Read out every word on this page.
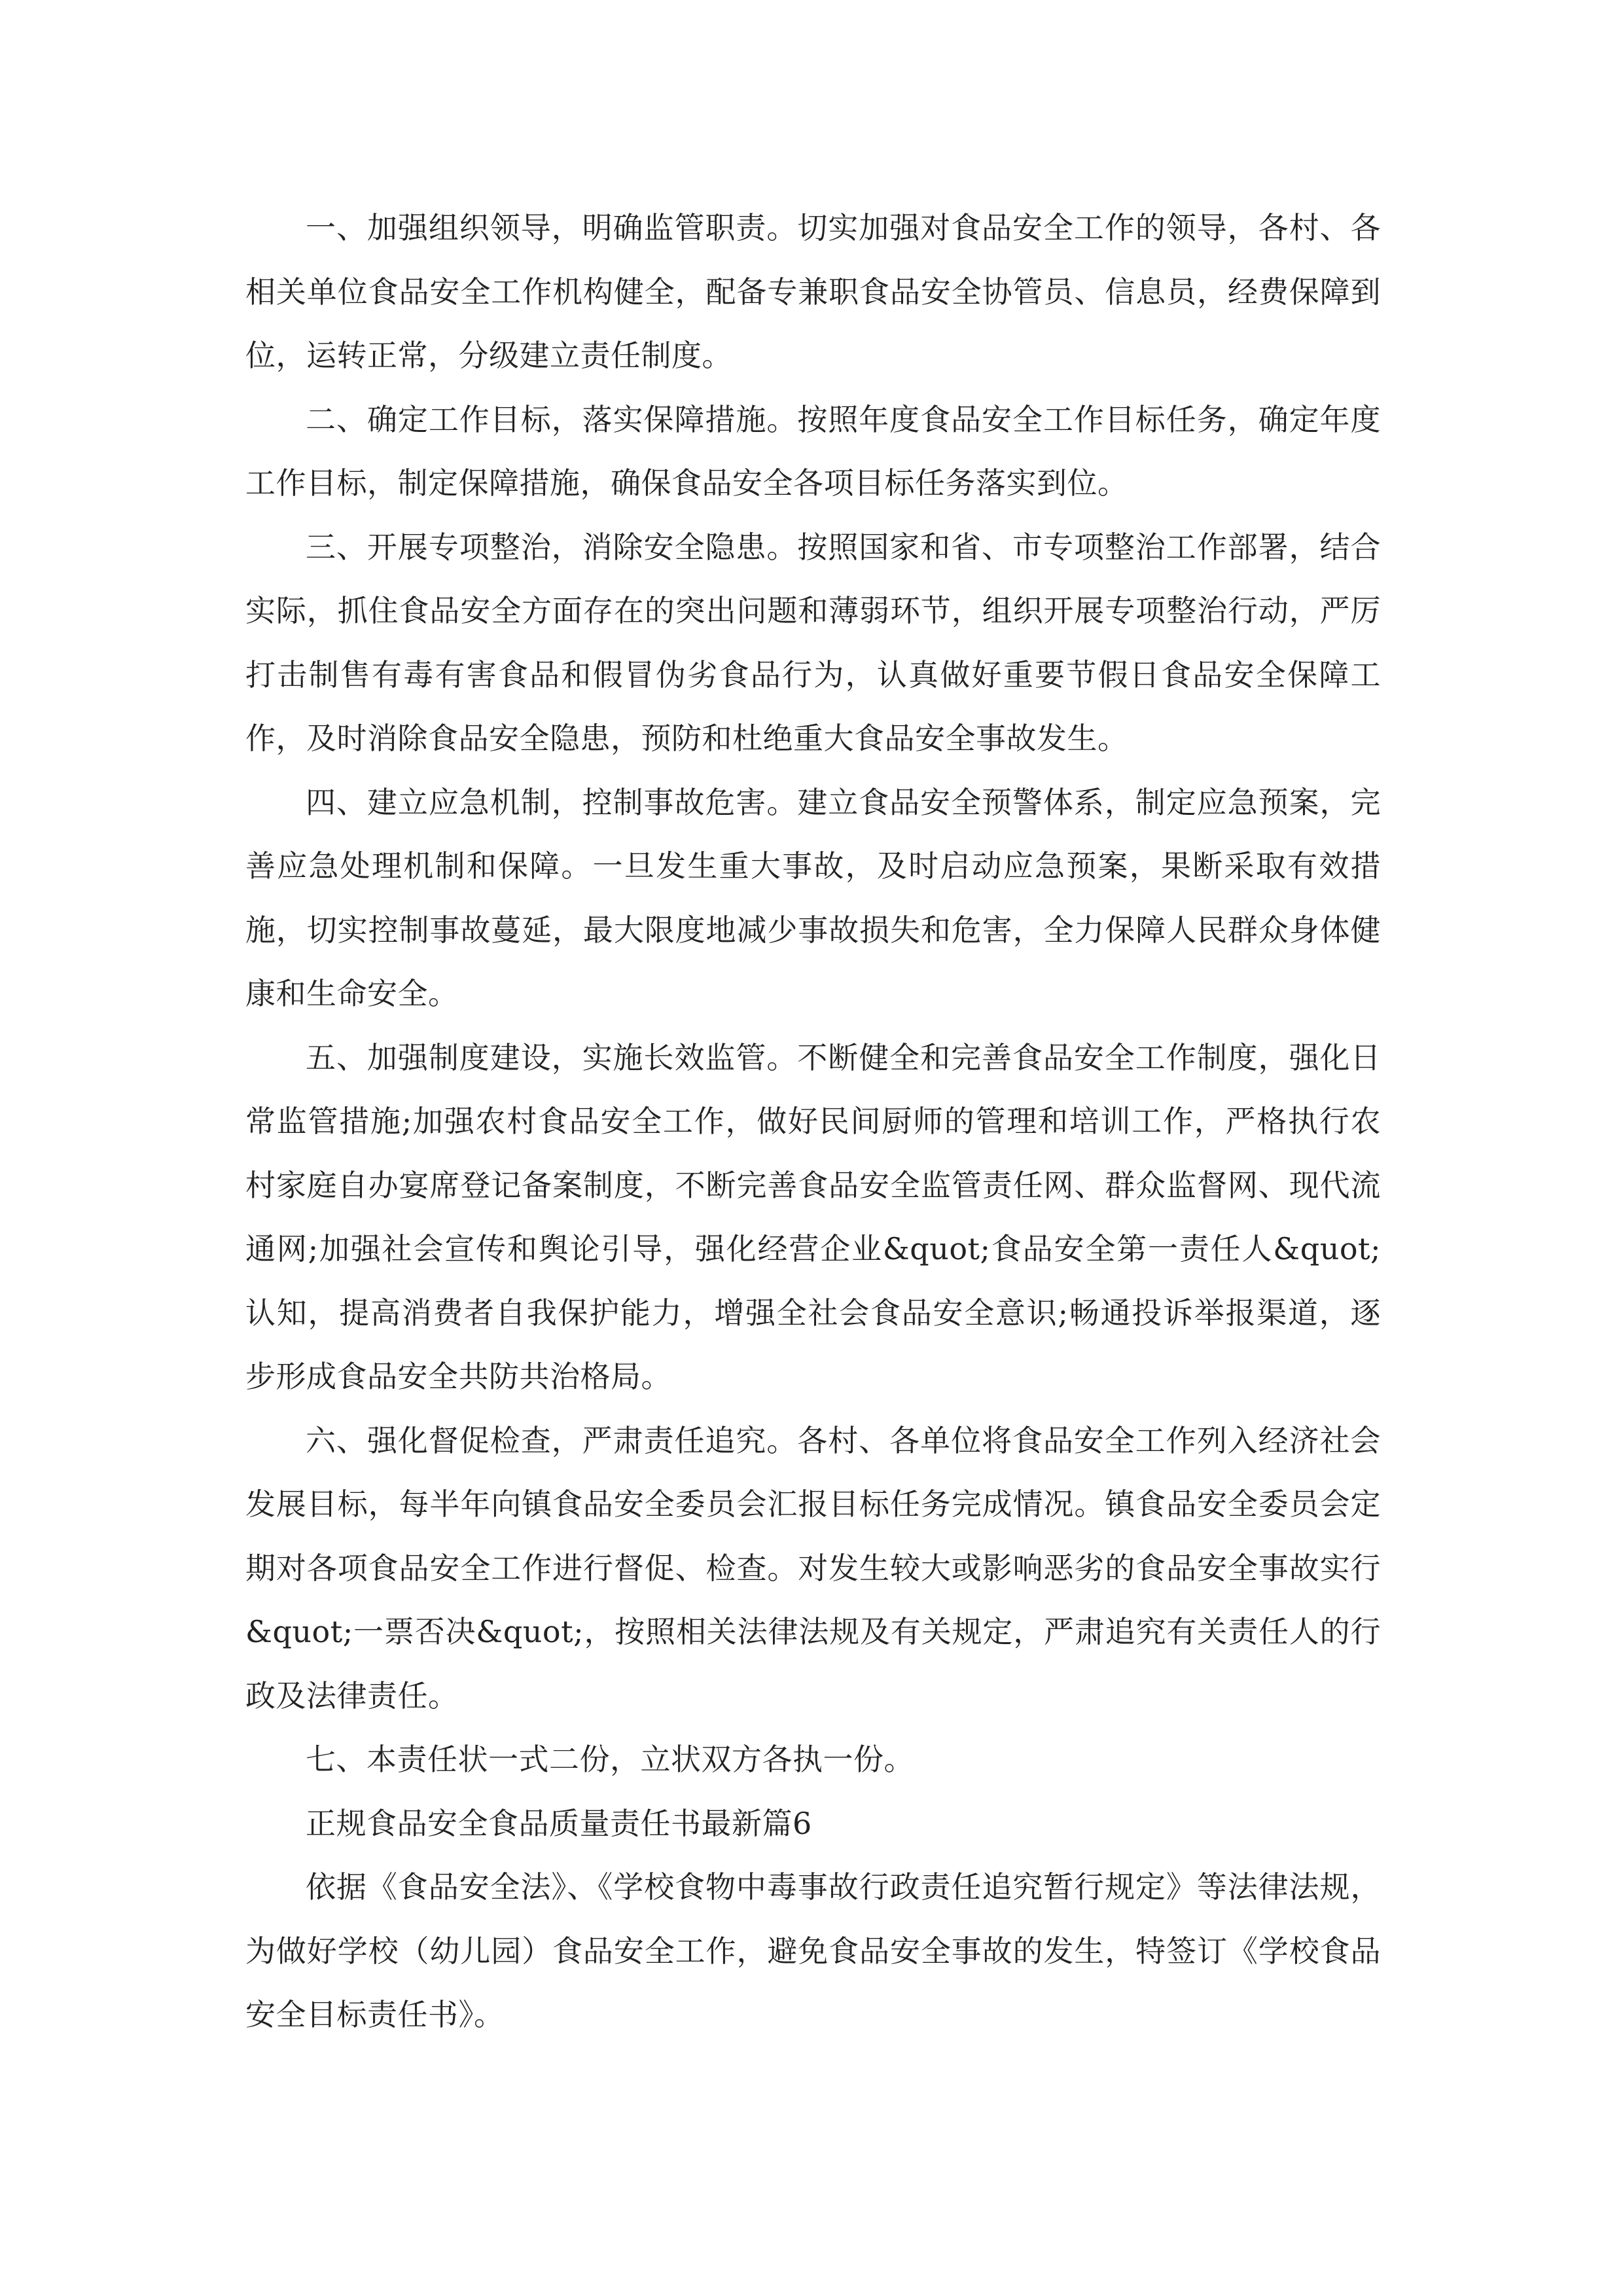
一、加强组织领导，明确监管职责。切实加强对食品安全工作的领导，各村、各相关单位食品安全工作机构健全，配备专兼职食品安全协管员、信息员，经费保障到位，运转正常，分级建立责任制度。

二、确定工作目标，落实保障措施。按照年度食品安全工作目标任务，确定年度工作目标，制定保障措施，确保食品安全各项目标任务落实到位。

三、开展专项整治，消除安全隐患。按照国家和省、市专项整治工作部署，结合实际，抓住食品安全方面存在的突出问题和薄弱环节，组织开展专项整治行动，严厉打击制售有毒有害食品和假冒伪劣食品行为，认真做好重要节假日食品安全保障工作，及时消除食品安全隐患，预防和杜绝重大食品安全事故发生。

四、建立应急机制，控制事故危害。建立食品安全预警体系，制定应急预案，完善应急处理机制和保障。一旦发生重大事故，及时启动应急预案，果断采取有效措施，切实控制事故蔓延，最大限度地减少事故损失和危害，全力保障人民群众身体健康和生命安全。

五、加强制度建设，实施长效监管。不断健全和完善食品安全工作制度，强化日常监管措施;加强农村食品安全工作，做好民间厨师的管理和培训工作，严格执行农村家庭自办宴席登记备案制度，不断完善食品安全监管责任网、群众监督网、现代流通网;加强社会宣传和舆论引导，强化经营企业&quot;食品安全第一责任人&quot;认知，提高消费者自我保护能力，增强全社会食品安全意识;畅通投诉举报渠道，逐步形成食品安全共防共治格局。

六、强化督促检查，严肃责任追究。各村、各单位将食品安全工作列入经济社会发展目标，每半年向镇食品安全委员会汇报目标任务完成情况。镇食品安全委员会定期对各项食品安全工作进行督促、检查。对发生较大或影响恶劣的食品安全事故实行&quot;一票否决&quot;，按照相关法律法规及有关规定，严肃追究有关责任人的行政及法律责任。

七、本责任状一式二份，立状双方各执一份。

正规食品安全食品质量责任书最新篇6

依据《食品安全法》、《学校食物中毒事故行政责任追究暂行规定》等法律法规，为做好学校（幼儿园）食品安全工作，避免食品安全事故的发生，特签订《学校食品安全目标责任书》。
